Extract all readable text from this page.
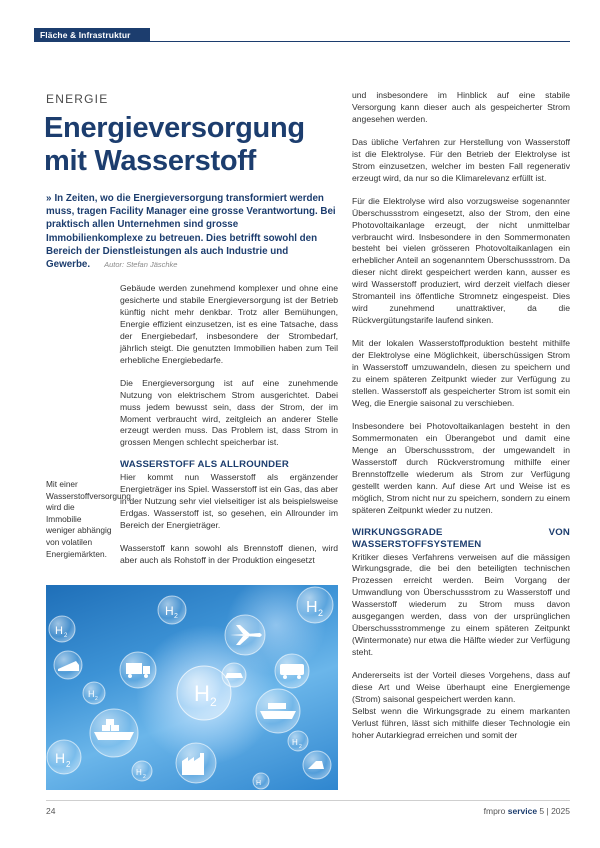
Fläche & Infrastruktur
ENERGIE
Energieversorgung mit Wasserstoff
» In Zeiten, wo die Energieversorgung transformiert werden muss, tragen Facility Manager eine grosse Verantwortung. Bei praktisch allen Unternehmen sind grosse Immobilienkomplexe zu betreuen. Dies betrifft sowohl den Bereich der Dienstleistungen als auch Industrie und Gewerbe. Autor: Stefan Jäschke

Gebäude werden zunehmend komplexer und ohne eine gesicherte und stabile Energieversorgung ist der Betrieb künftig nicht mehr denkbar. Trotz aller Bemühungen, Energie effizient einzusetzen, ist es eine Tatsache, dass der Energiebedarf, insbesondere der Strombedarf, jährlich steigt. Die genutzten Immobilien haben zum Teil erhebliche Energiebedarfe.

Die Energieversorgung ist auf eine zunehmende Nutzung von elektrischem Strom ausgerichtet. Dabei muss jedem bewusst sein, dass der Strom, der im Moment verbraucht wird, zeitgleich an anderer Stelle erzeugt werden muss. Das Problem ist, dass Strom in grossen Mengen schlecht speicherbar ist.

WASSERSTOFF ALS ALLROUNDER

Hier kommt nun Wasserstoff als ergänzender Energieträger ins Spiel. Wasserstoff ist ein Gas, das aber in der Nutzung sehr viel vielseitiger ist als beispielsweise Erdgas. Wasserstoff ist, so gesehen, ein Allrounder im Bereich der Energieträger.

Wasserstoff kann sowohl als Brennstoff dienen, wird aber auch als Rohstoff in der Produktion eingesetzt

Mit einer Wasserstoffversorgung wird die Immobilie weniger abhängig von volatilen Energiemärkten.
H 2
H 2
H 2
H 2
H 2
H 2
H 2
H 2
H

und insbesondere im Hinblick auf eine stabile Versorgung kann dieser auch als gespeicherter Strom angesehen werden.

Das übliche Verfahren zur Herstellung von Wasserstoff ist die Elektrolyse. Für den Betrieb der Elektrolyse ist Strom einzusetzen, welcher im besten Fall regenerativ erzeugt wird, da nur so die Klimarelevanz erfüllt ist.

Für die Elektrolyse wird also vorzugsweise sogenannter Überschussstrom eingesetzt, also der Strom, den eine Photovoltaikanlage erzeugt, der nicht unmittelbar verbraucht wird. Insbesondere in den Sommermonaten besteht bei vielen grösseren Photovoltaikanlagen ein erheblicher Anteil an sogenanntem Überschussstrom. Da dieser nicht direkt gespeichert werden kann, ausser es wird Wasserstoff produziert, wird derzeit vielfach dieser Stromanteil ins öffentliche Stromnetz eingespeist. Dies wird zunehmend unattraktiver, da die Rückvergütungstarife laufend sinken.

Mit der lokalen Wasserstoffproduktion besteht mithilfe der Elektrolyse eine Möglichkeit, überschüssigen Strom in Wasserstoff umzuwandeln, diesen zu speichern und zu einem späteren Zeitpunkt wieder zur Verfügung zu stellen. Wasserstoff als gespeicherter Strom ist somit ein Weg, die Energie saisonal zu verschieben.

Insbesondere bei Photovoltaikanlagen besteht in den Sommermonaten ein Überangebot und damit eine Menge an Überschussstrom, der umgewandelt in Wasserstoff durch Rückverstromung mithilfe einer Brennstoffzelle wiederum als Strom zur Verfügung gestellt werden kann. Auf diese Art und Weise ist es möglich, Strom nicht nur zu speichern, sondern zu einem späteren Zeitpunkt wieder zu nutzen.

WIRKUNGSGRADE VON WASSERSTOFFSYSTEMEN

Kritiker dieses Verfahrens verweisen auf die mässigen Wirkungsgrade, die bei den beteiligten technischen Prozessen erreicht werden. Beim Vorgang der Umwandlung von Überschussstrom zu Wasserstoff und Wasserstoff wiederum zu Strom muss davon ausgegangen werden, dass von der ursprünglichen Überschussstrommenge zu einem späteren Zeitpunkt (Wintermonate) nur etwa die Hälfte wieder zur Verfügung steht.

Andererseits ist der Vorteil dieses Vorgehens, dass auf diese Art und Weise überhaupt eine Energiemenge (Strom) saisonal gespeichert werden kann.

Selbst wenn die Wirkungsgrade zu einem markanten Verlust führen, lässt sich mithilfe dieser Technologie ein hoher Autarkiegrad erreichen und somit der

24	fmpro service 5 | 2025
